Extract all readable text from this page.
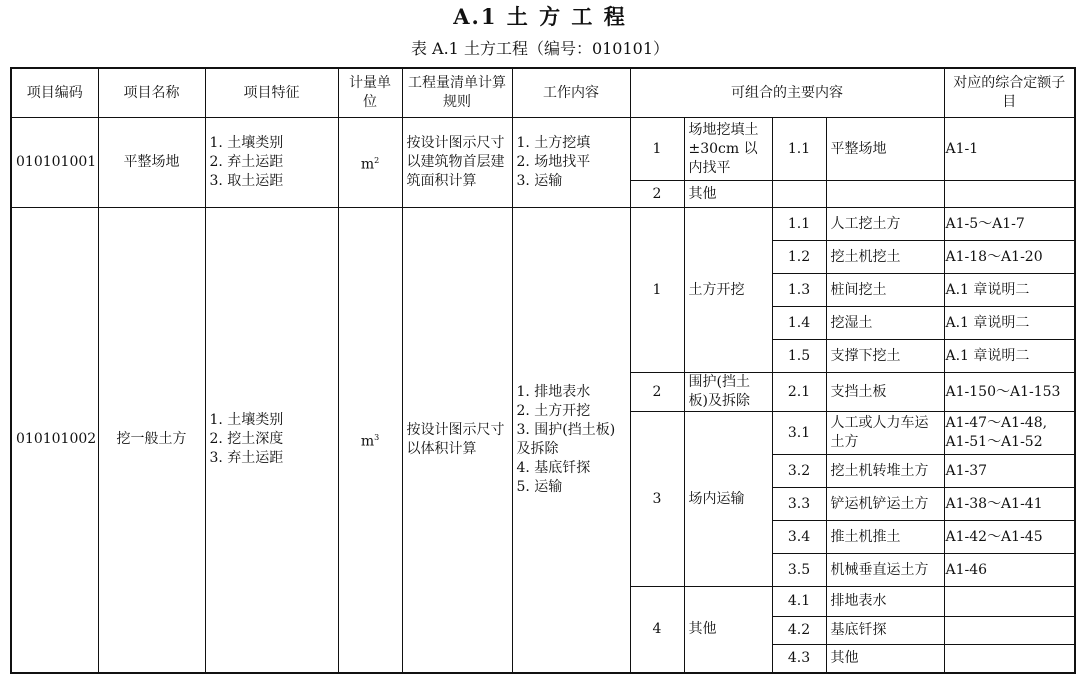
A.1 土 方 工 程
表 A.1 土方工程（编号：010101）
项目编码	项目名称	项目特征	计量单位	工程量清单计算规则	工作内容	可组合的主要内容				对应的综合定额子目
010101001	平整场地	1. 土壤类别
2. 弃土运距
3. 取土运距	$m^2$	按设计图示尺寸以建筑物首层建筑面积计算	1. 土方挖填
2. 场地找平
3. 运输	1	场地挖填土±30cm 以内找平	1.1	平整场地	A1-1
						2	其他			
010101002	挖一般土方	1. 土壤类别
2. 挖土深度
3. 弃土运距	$m^3$	按设计图示尺寸以体积计算	1. 排地表水
2. 土方开挖
3. 围护(挡土板)及拆除
4. 基底钎探
5. 运输	1	土方开挖	1.1	人工挖土方	A1-5～A1-7
								1.2	挖土机挖土	A1-18～A1-20
								1.3	桩间挖土	A.1 章说明二
								1.4	挖湿土	A.1 章说明二
								1.5	支撑下挖土	A.1 章说明二
						2	围护(挡土板)及拆除	2.1	支挡土板	A1-150～A1-153
						3	场内运输	3.1	人工或人力车运土方	A1-47～A1-48, A1-51～A1-52
								3.2	挖土机转堆土方	A1-37
								3.3	铲运机铲运土方	A1-38～A1-41
								3.4	推土机推土	A1-42～A1-45
								3.5	机械垂直运土方	A1-46
						4	其他	4.1	排地表水	
								4.2	基底钎探	
								4.3	其他	
